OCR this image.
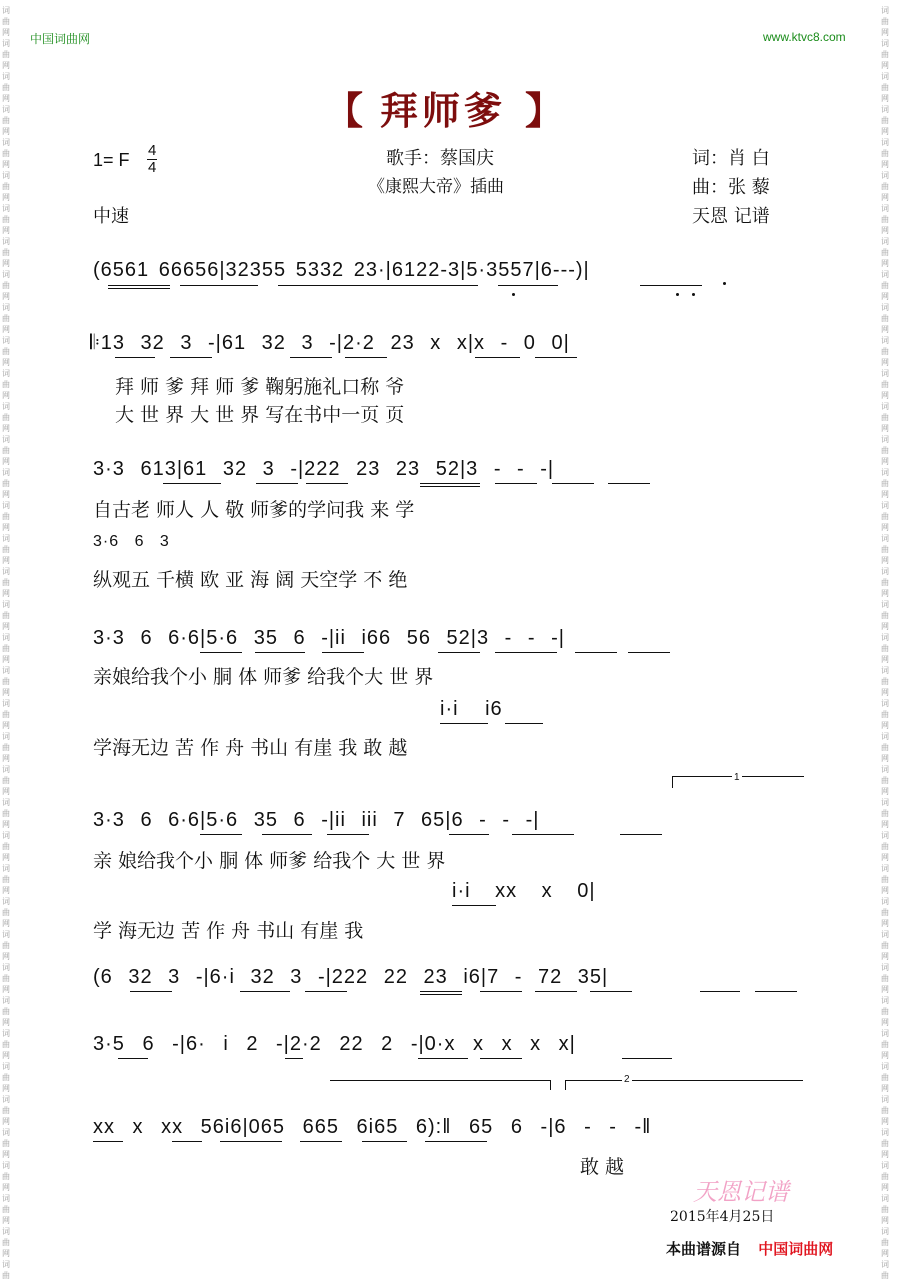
词
曲
网
词
曲
网
词
曲
网
词
曲
网
词
曲
网
词
曲
网
词
曲
网
词
曲
网
词
曲
网
词
曲
网
词
曲
网
词
曲
网
词
曲
网
词
曲
网
词
曲
网
词
曲
网
词
曲
网
词
曲
网
词
曲
网
词
曲
网
词
曲
网
词
曲
网
词
曲
网
词
曲
网
词
曲
网
词
曲
网
词
曲
网
词
曲
网
词
曲
网
词
曲
网
词
曲
网
词
曲
网
词
曲
网
词
曲
网
词
曲
网
词
曲
网
词
曲
网
词
曲
网
词
曲
词
曲
网
词
曲
网
词
曲
网
词
曲
网
词
曲
网
词
曲
网
词
曲
网
词
曲
网
词
曲
网
词
曲
网
词
曲
网
词
曲
网
词
曲
网
词
曲
网
词
曲
网
词
曲
网
词
曲
网
词
曲
网
词
曲
网
词
曲
网
词
曲
网
词
曲
网
词
曲
网
词
曲
网
词
曲
网
词
曲
网
词
曲
网
词
曲
网
词
曲
网
词
曲
网
词
曲
网
词
曲
网
词
曲
网
词
曲
网
词
曲
网
词
曲
网
词
曲
网
词
曲
网
词
曲
中国词曲网	www.ktvc8.com
【 拜师爹 】
1= F 4
4
中速
歌手：蔡国庆
《康熙大帝》插曲
词：肖 白
曲：张 藜
天恩 记谱
(6561 66656|32355 5332 23·|6122-3|5·3557|6---)|
𝄆13 32 3 -|61 32 3 -|2·2 23 x x|x - 0 0|
拜 师 爹 拜 师 爹 鞠躬施礼口称 爷
大 世 界 大 世 界 写在书中一页 页
3·3 613|61 32 3 -|222 23 23 52|3 - - -|
自古老 师人 人 敬 师爹的学问我 来 学
3·6 6 3
纵观五 千横 欧 亚 海 阔 天空学 不 绝
3·3 6 6·6|5·6 35 6 -|ii i66 56 52|3 - - -|
亲娘给我个小 胴 体 师爹 给我个大 世 界
i·i i6
学海无边 苦 作 舟 书山 有崖 我 敢 越
1
3·3 6 6·6|5·6 35 6 -|ii iii 7 65|6 - - -|
亲 娘给我个小 胴 体 师爹 给我个 大 世 界
i·i xx x 0|
学 海无边 苦 作 舟 书山 有崖 我
(6 32 3 -|6·i 32 3 -|222 22 23 i6|7 - 72 35|
3·5 6 -|6· i 2 -|2·2 22 2 -|0·x x x x x|
2
xx x xx 56i6|065 665 6i65 6):‖ 65 6 -|6 - - -‖
敢 越
天恩记谱
2015年4月25日
本曲谱源自 中国词曲网
